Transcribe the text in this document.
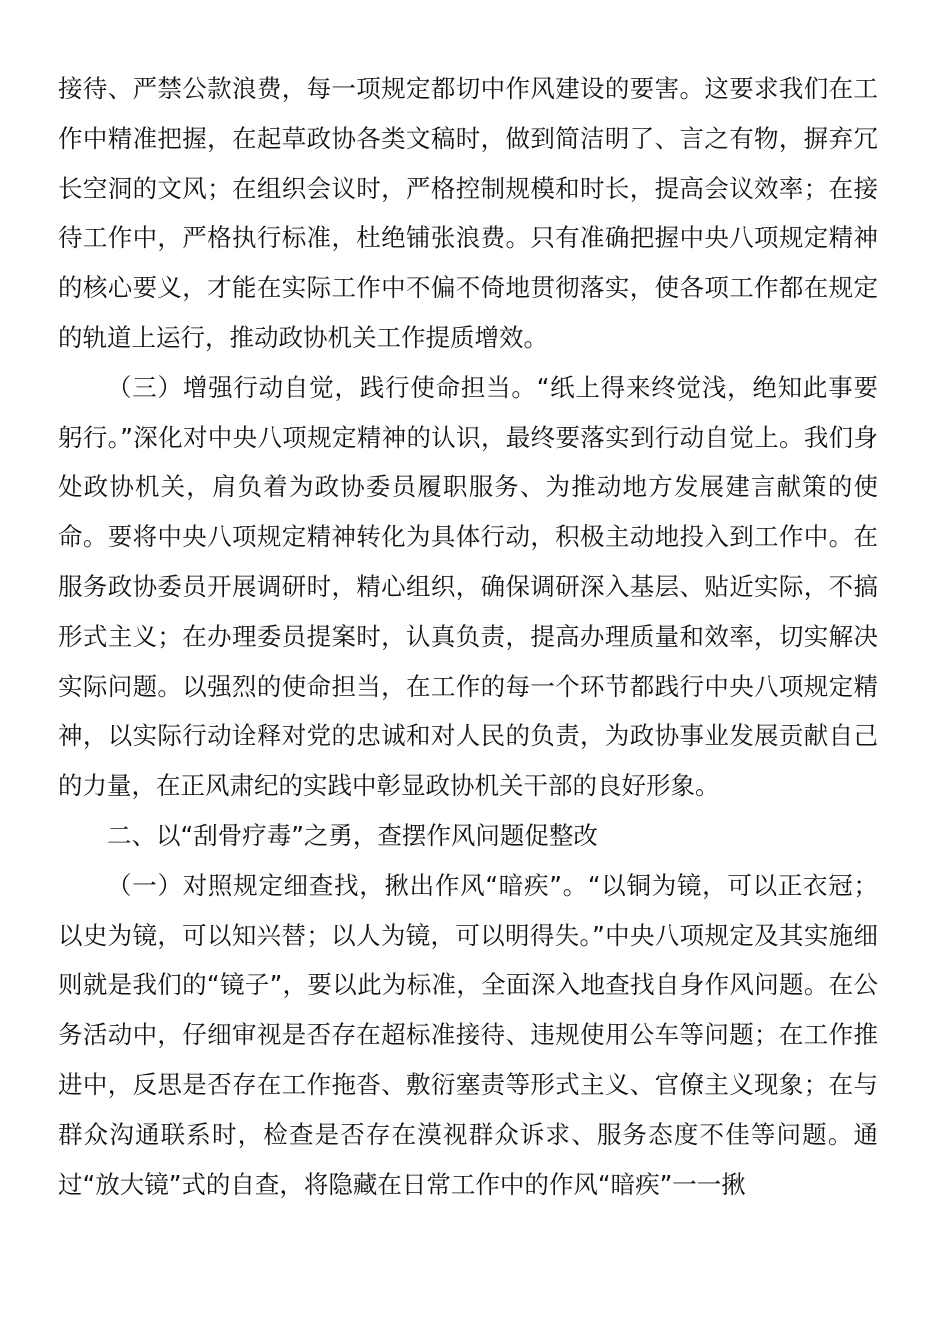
接待、严禁公款浪费，每一项规定都切中作风建设的要害。这要求我们在工作中精准把握，在起草政协各类文稿时，做到简洁明了、言之有物，摒弃冗长空洞的文风；在组织会议时，严格控制规模和时长，提高会议效率；在接待工作中，严格执行标准，杜绝铺张浪费。只有准确把握中央八项规定精神的核心要义，才能在实际工作中不偏不倚地贯彻落实，使各项工作都在规定的轨道上运行，推动政协机关工作提质增效。

（三）增强行动自觉，践行使命担当。“纸上得来终觉浅，绝知此事要躬行。”深化对中央八项规定精神的认识，最终要落实到行动自觉上。我们身处政协机关，肩负着为政协委员履职服务、为推动地方发展建言献策的使命。要将中央八项规定精神转化为具体行动，积极主动地投入到工作中。在服务政协委员开展调研时，精心组织，确保调研深入基层、贴近实际，不搞形式主义；在办理委员提案时，认真负责，提高办理质量和效率，切实解决实际问题。以强烈的使命担当，在工作的每一个环节都践行中央八项规定精神，以实际行动诠释对党的忠诚和对人民的负责，为政协事业发展贡献自己的力量，在正风肃纪的实践中彰显政协机关干部的良好形象。

二、以“刮骨疗毒”之勇，查摆作风问题促整改

（一）对照规定细查找，揪出作风“暗疾”。“以铜为镜，可以正衣冠；以史为镜，可以知兴替；以人为镜，可以明得失。”中央八项规定及其实施细则就是我们的“镜子”，要以此为标准，全面深入地查找自身作风问题。在公务活动中，仔细审视是否存在超标准接待、违规使用公车等问题；在工作推进中，反思是否存在工作拖沓、敷衍塞责等形式主义、官僚主义现象；在与群众沟通联系时，检查是否存在漠视群众诉求、服务态度不佳等问题。通过“放大镜”式的自查，将隐藏在日常工作中的作风“暗疾”一一揪
